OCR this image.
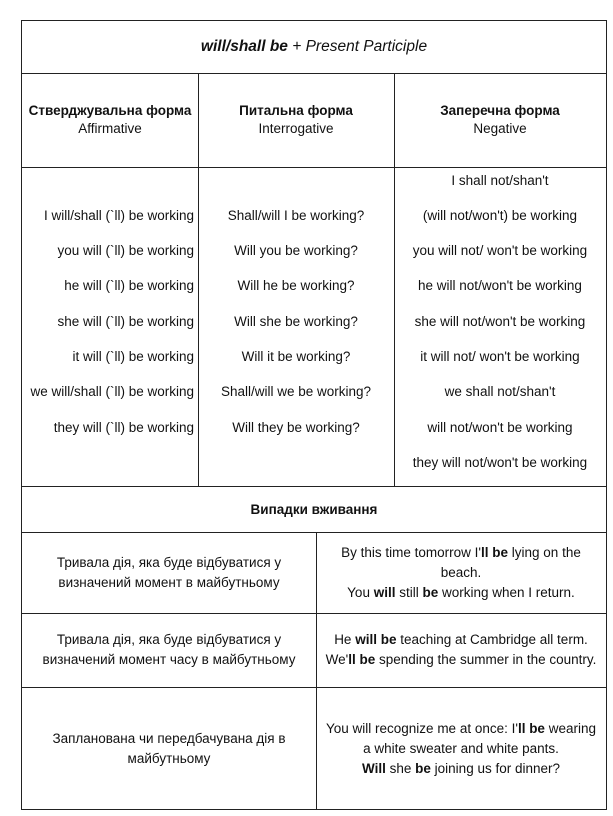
will/shall be + Present Participle
Стверджувальна форма
Affirmative
Питальна форма
Interrogative
Заперечна форма
Negative
I will/shall (`ll) be working
you will (`ll) be working
he will (`ll) be working
she will (`ll) be working
it will (`ll) be working
we will/shall (`ll) be working
they will (`ll) be working
Shall/will I be working?
Will you be working?
Will he be working?
Will she be working?
Will it be working?
Shall/will we be working?
Will they be working?
I shall not/shan't
(will not/won't) be working
you will not/ won't be working
he will not/won't be working
she will not/won't be working
it will not/ won't be working
we shall not/shan't
will not/won't be working
they will not/won't be working
Випадки вживання
Тривала дія, яка буде відбуватися у визначений момент в майбутньому
By this time tomorrow I'll be lying on the beach.
You will still be working when I return.
Тривала дія, яка буде відбуватися у визначений момент часу в майбутньому
He will be teaching at Cambridge all term.
We'll be spending the summer in the country.
Запланована чи передбачувана дія в майбутньому
You will recognize me at once: I'll be wearing a white sweater and white pants.
Will she be joining us for dinner?
